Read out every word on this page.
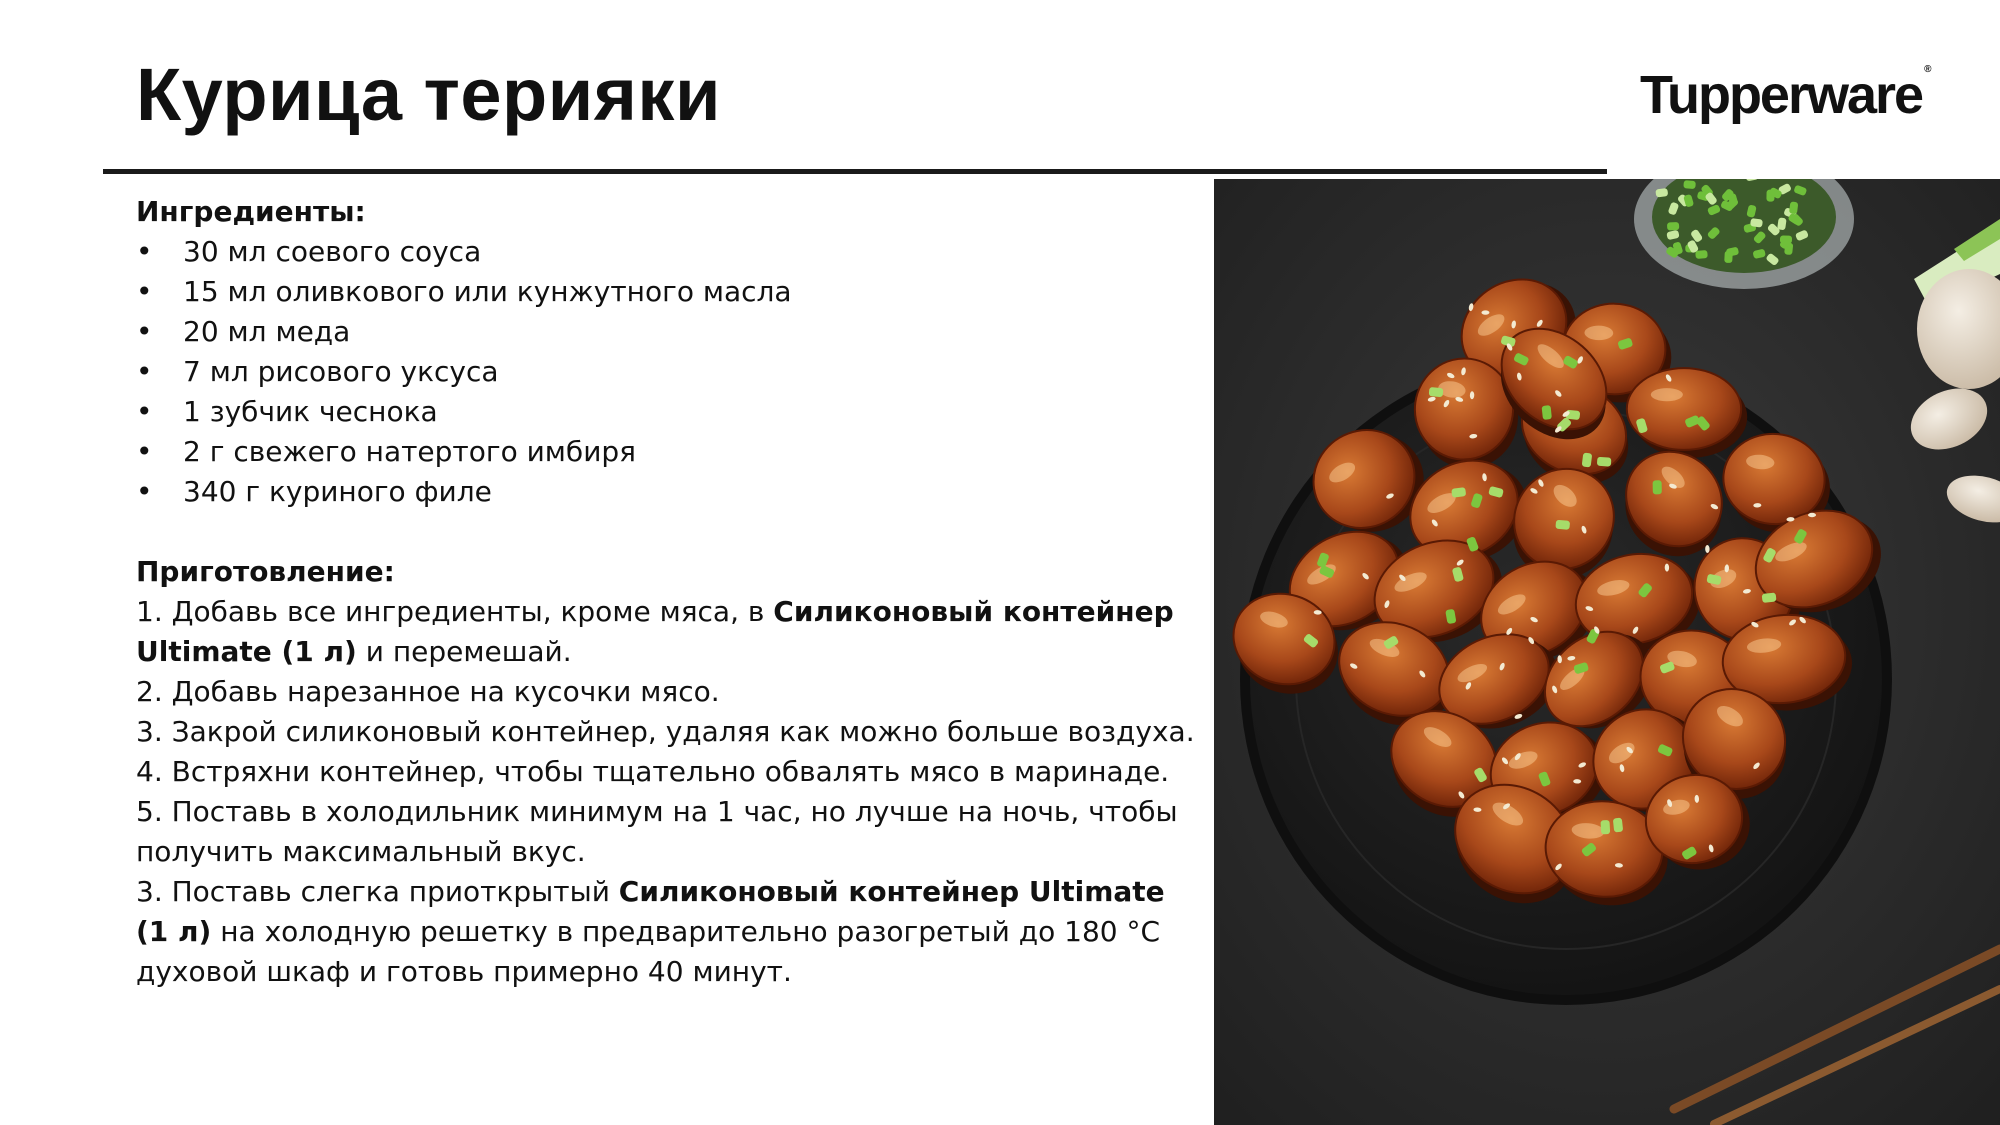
Курица терияки	Tupperware ®
Ингредиенты:
• 30 мл соевого соуса
• 15 мл оливкового или кунжутного масла
• 20 мл меда
• 7 мл рисового уксуса
• 1 зубчик чеснока
• 2 г свежего натертого имбиря
• 340 г куриного филе
Приготовление:
1. Добавь все ингредиенты, кроме мяса, в Силиконовый контейнер Ultimate (1 л) и перемешай.
2. Добавь нарезанное на кусочки мясо.
3. Закрой силиконовый контейнер, удаляя как можно больше воздуха.
4. Встряхни контейнер, чтобы тщательно обвалять мясо в маринаде.
5. Поставь в холодильник минимум на 1 час, но лучше на ночь, чтобы получить максимальный вкус.
3. Поставь слегка приоткрытый Силиконовый контейнер Ultimate (1 л) на холодную решетку в предварительно разогретый до 180 °С духовой шкаф и готовь примерно 40 минут.
